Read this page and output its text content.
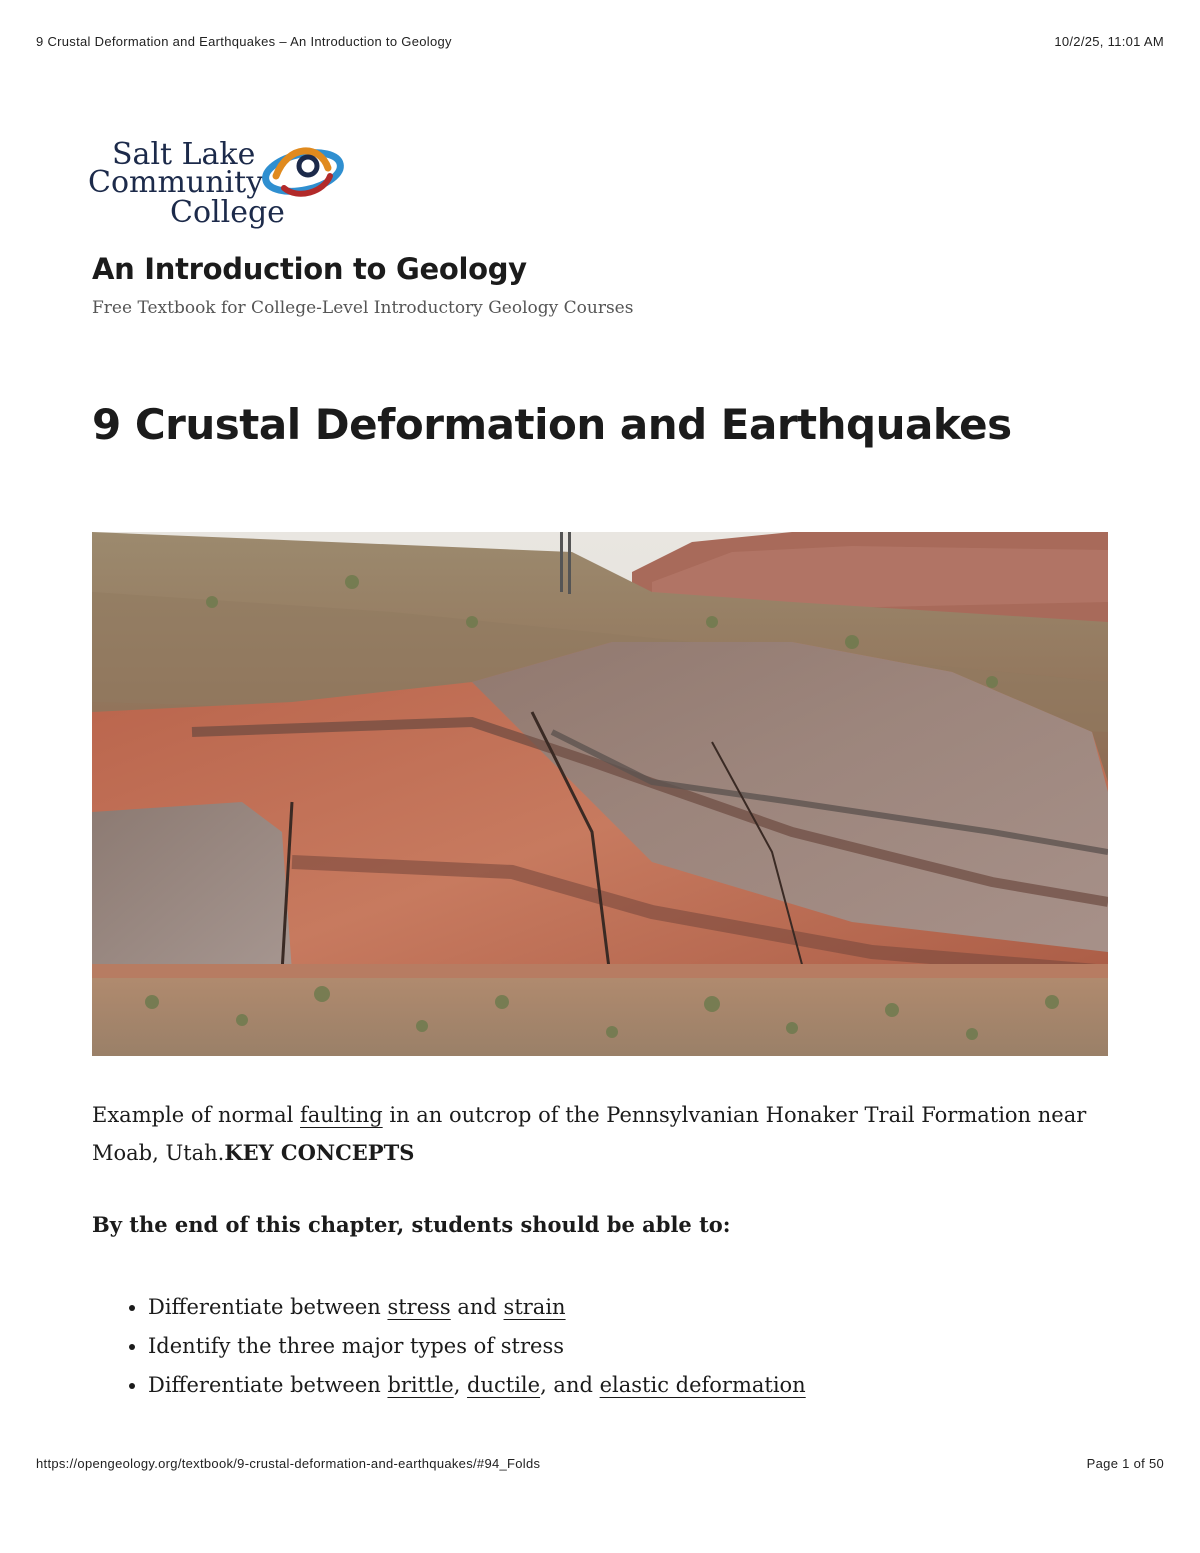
9 Crustal Deformation and Earthquakes – An Introduction to Geology	10/2/25, 11:01 AM
Salt Lake
Community
College
An Introduction to Geology
Free Textbook for College-Level Introductory Geology Courses
9 Crustal Deformation and Earthquakes
Example of normal faulting in an outcrop of the Pennsylvanian Honaker Trail Formation near Moab, Utah.KEY CONCEPTS

By the end of this chapter, students should be able to:

• Differentiate between stress and strain
• Identify the three major types of stress
• Differentiate between brittle, ductile, and elastic deformation
https://opengeology.org/textbook/9-crustal-deformation-and-earthquakes/#94_Folds	Page 1 of 50
